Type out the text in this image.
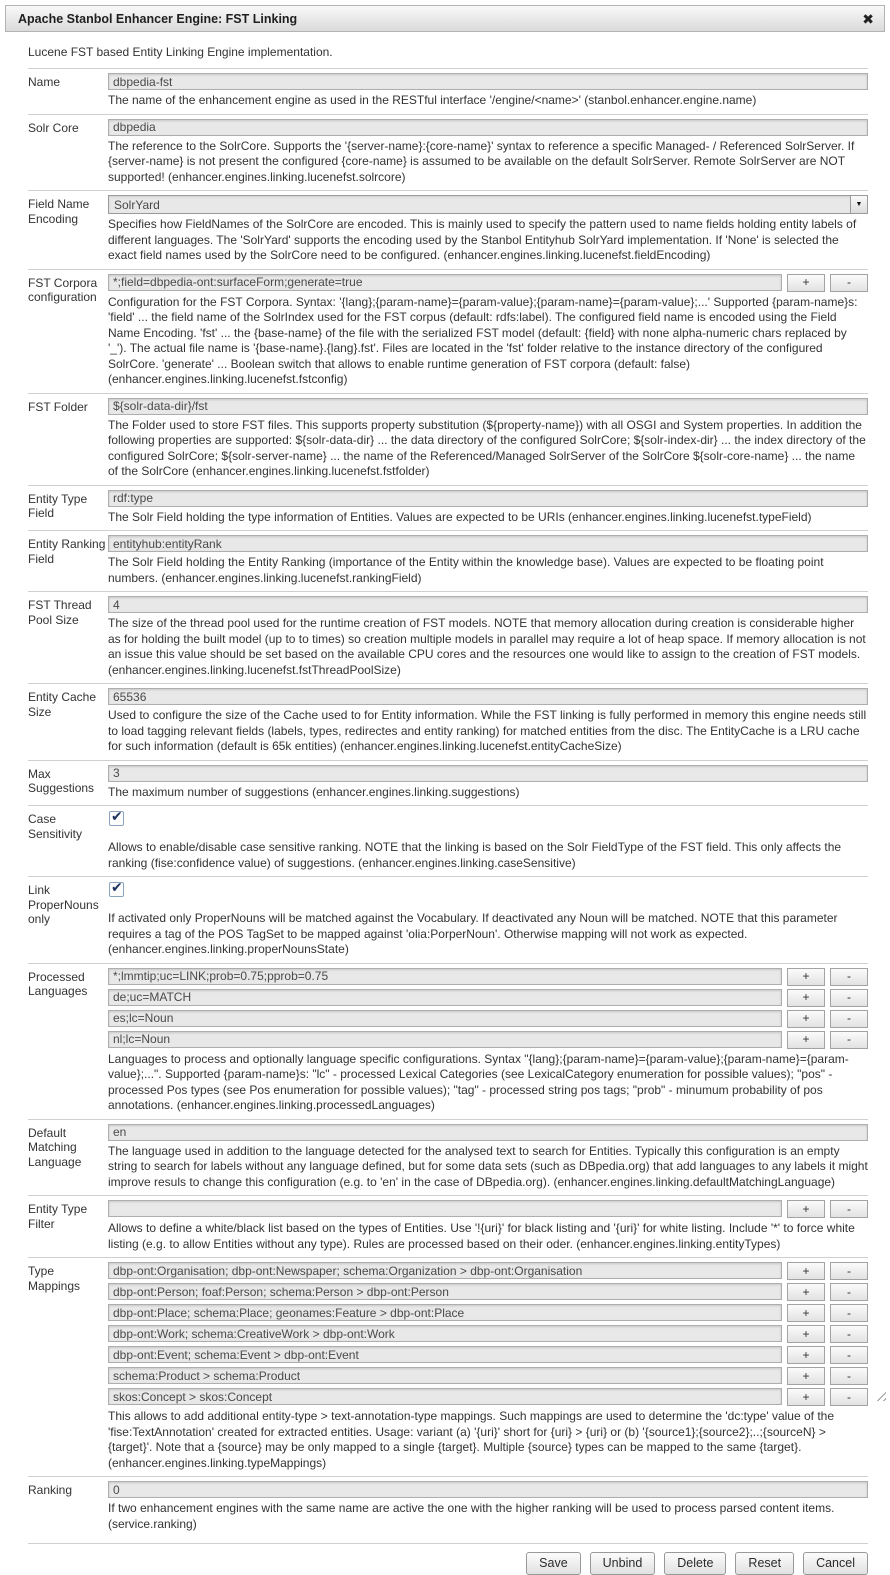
Apache Stanbol Enhancer Engine: FST Linking	✖
Lucene FST based Entity Linking Engine implementation.
Name
dbpedia-fst
The name of the enhancement engine as used in the RESTful interface '/engine/<name>' (stanbol.enhancer.engine.name)
Solr Core
dbpedia
The reference to the SolrCore. Supports the '{server-name}:{core-name}' syntax to reference a specific Managed- / Referenced SolrServer. If {server-name} is not present the configured {core-name} is assumed to be available on the default SolrServer. Remote SolrServer are NOT supported! (enhancer.engines.linking.lucenefst.solrcore)
Field Name Encoding
SolrYard	▼
Specifies how FieldNames of the SolrCore are encoded. This is mainly used to specify the pattern used to name fields holding entity labels of different languages. The 'SolrYard' supports the encoding used by the Stanbol Entityhub SolrYard implementation. If 'None' is selected the exact field names used by the SolrCore need to be configured. (enhancer.engines.linking.lucenefst.fieldEncoding)
FST Corpora configuration
*;field=dbpedia-ont:surfaceForm;generate=true
+	-
Configuration for the FST Corpora. Syntax: '{lang};{param-name}={param-value};{param-name}={param-value};...' Supported {param-name}s: 'field' ... the field name of the SolrIndex used for the FST corpus (default: rdfs:label). The configured field name is encoded using the Field Name Encoding. 'fst' ... the {base-name} of the file with the serialized FST model (default: {field} with none alpha-numeric chars replaced by '_'). The actual file name is '{base-name}.{lang}.fst'. Files are located in the 'fst' folder relative to the instance directory of the configured SolrCore. 'generate' ... Boolean switch that allows to enable runtime generation of FST corpora (default: false) (enhancer.engines.linking.lucenefst.fstconfig)
FST Folder
${solr-data-dir}/fst
The Folder used to store FST files. This supports property substitution (${property-name}) with all OSGI and System properties. In addition the following properties are supported: ${solr-data-dir} ... the data directory of the configured SolrCore; ${solr-index-dir} ... the index directory of the configured SolrCore; ${solr-server-name} ... the name of the Referenced/Managed SolrServer of the SolrCore ${solr-core-name} ... the name of the SolrCore (enhancer.engines.linking.lucenefst.fstfolder)
Entity Type Field
rdf:type	The Solr Field holding the type information of Entities. Values are expected to be URIs (enhancer.engines.linking.lucenefst.typeField)
Entity Ranking Field
entityhub:entityRank	The Solr Field holding the Entity Ranking (importance of the Entity within the knowledge base). Values are expected to be floating point numbers. (enhancer.engines.linking.lucenefst.rankingField)
FST Thread Pool Size
4	The size of the thread pool used for the runtime creation of FST models. NOTE that memory allocation during creation is considerable higher as for holding the built model (up to to times) so creation multiple models in parallel may require a lot of heap space. If memory allocation is not an issue this value should be set based on the available CPU cores and the resources one would like to assign to the creation of FST models. (enhancer.engines.linking.lucenefst.fstThreadPoolSize)
Entity Cache Size
65536	Used to configure the size of the Cache used to for Entity information. While the FST linking is fully performed in memory this engine needs still to load tagging relevant fields (labels, types, redirectes and entity ranking) for matched entities from the disc. The EntityCache is a LRU cache for such information (default is 65k entities) (enhancer.engines.linking.lucenefst.entityCacheSize)
Max Suggestions
3	The maximum number of suggestions (enhancer.engines.linking.suggestions)
Case Sensitivity
✔
Allows to enable/disable case sensitive ranking. NOTE that the linking is based on the Solr FieldType of the FST field. This only affects the ranking (fise:confidence value) of suggestions. (enhancer.engines.linking.caseSensitive)
Link ProperNouns only
✔
If activated only ProperNouns will be matched against the Vocabulary. If deactivated any Noun will be matched. NOTE that this parameter requires a tag of the POS TagSet to be mapped against 'olia:PorperNoun'. Otherwise mapping will not work as expected. (enhancer.engines.linking.properNounsState)
Processed Languages
*;lmmtip;uc=LINK;prob=0.75;pprob=0.75
+	-
de;uc=MATCH
+	-
es;lc=Noun
+	-
nl;lc=Noun
+	-
Languages to process and optionally language specific configurations. Syntax "{lang};{param-name}={param-value};{param-name}={param-value};...". Supported {param-name}s: "lc" - processed Lexical Categories (see LexicalCategory enumeration for possible values); "pos" - processed Pos types (see Pos enumeration for possible values); "tag" - processed string pos tags; "prob" - minumum probability of pos annotations. (enhancer.engines.linking.processedLanguages)
Default Matching Language
en
The language used in addition to the language detected for the analysed text to search for Entities. Typically this configuration is an empty string to search for labels without any language defined, but for some data sets (such as DBpedia.org) that add languages to any labels it might improve resuls to change this configuration (e.g. to 'en' in the case of DBpedia.org). (enhancer.engines.linking.defaultMatchingLanguage)
Entity Type Filter
+	-
Allows to define a white/black list based on the types of Entities. Use '!{uri}' for black listing and '{uri}' for white listing. Include '*' to force white listing (e.g. to allow Entities without any type). Rules are processed based on their oder. (enhancer.engines.linking.entityTypes)
Type Mappings
dbp-ont:Organisation; dbp-ont:Newspaper; schema:Organization > dbp-ont:Organisation
+	-
dbp-ont:Person; foaf:Person; schema:Person > dbp-ont:Person
+	-
dbp-ont:Place; schema:Place; geonames:Feature > dbp-ont:Place
+	-
dbp-ont:Work; schema:CreativeWork > dbp-ont:Work
+	-
dbp-ont:Event; schema:Event > dbp-ont:Event
+	-
schema:Product > schema:Product
+	-
skos:Concept > skos:Concept
+	-
This allows to add additional entity-type > text-annotation-type mappings. Such mappings are used to determine the 'dc:type' value of the 'fise:TextAnnotation' created for extracted entities. Usage: variant (a) '{uri}' short for {uri} > {uri} or (b) '{source1};{source2};..;{sourceN} > {target}'. Note that a {source} may be only mapped to a single {target}. Multiple {source} types can be mapped to the same {target}. (enhancer.engines.linking.typeMappings)
Ranking
0
If two enhancement engines with the same name are active the one with the higher ranking will be used to process parsed content items. (service.ranking)
Save	Unbind	Delete	Reset	Cancel
